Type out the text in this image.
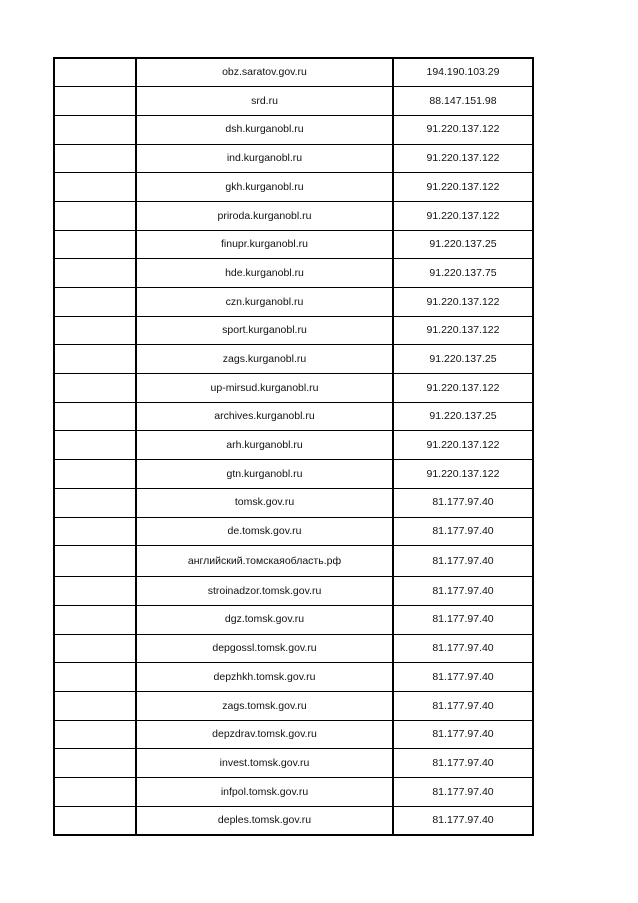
	obz.saratov.gov.ru	194.190.103.29
	srd.ru	88.147.151.98
	dsh.kurganobl.ru	91.220.137.122
	ind.kurganobl.ru	91.220.137.122
	gkh.kurganobl.ru	91.220.137.122
	priroda.kurganobl.ru	91.220.137.122
	finupr.kurganobl.ru	91.220.137.25
	hde.kurganobl.ru	91.220.137.75
	czn.kurganobl.ru	91.220.137.122
	sport.kurganobl.ru	91.220.137.122
	zags.kurganobl.ru	91.220.137.25
	up-mirsud.kurganobl.ru	91.220.137.122
	archives.kurganobl.ru	91.220.137.25
	arh.kurganobl.ru	91.220.137.122
	gtn.kurganobl.ru	91.220.137.122
	tomsk.gov.ru	81.177.97.40
	de.tomsk.gov.ru	81.177.97.40
	английский.томскаяобласть.рф	81.177.97.40
	stroinadzor.tomsk.gov.ru	81.177.97.40
	dgz.tomsk.gov.ru	81.177.97.40
	depgossl.tomsk.gov.ru	81.177.97.40
	depzhkh.tomsk.gov.ru	81.177.97.40
	zags.tomsk.gov.ru	81.177.97.40
	depzdrav.tomsk.gov.ru	81.177.97.40
	invest.tomsk.gov.ru	81.177.97.40
	infpol.tomsk.gov.ru	81.177.97.40
	deples.tomsk.gov.ru	81.177.97.40
